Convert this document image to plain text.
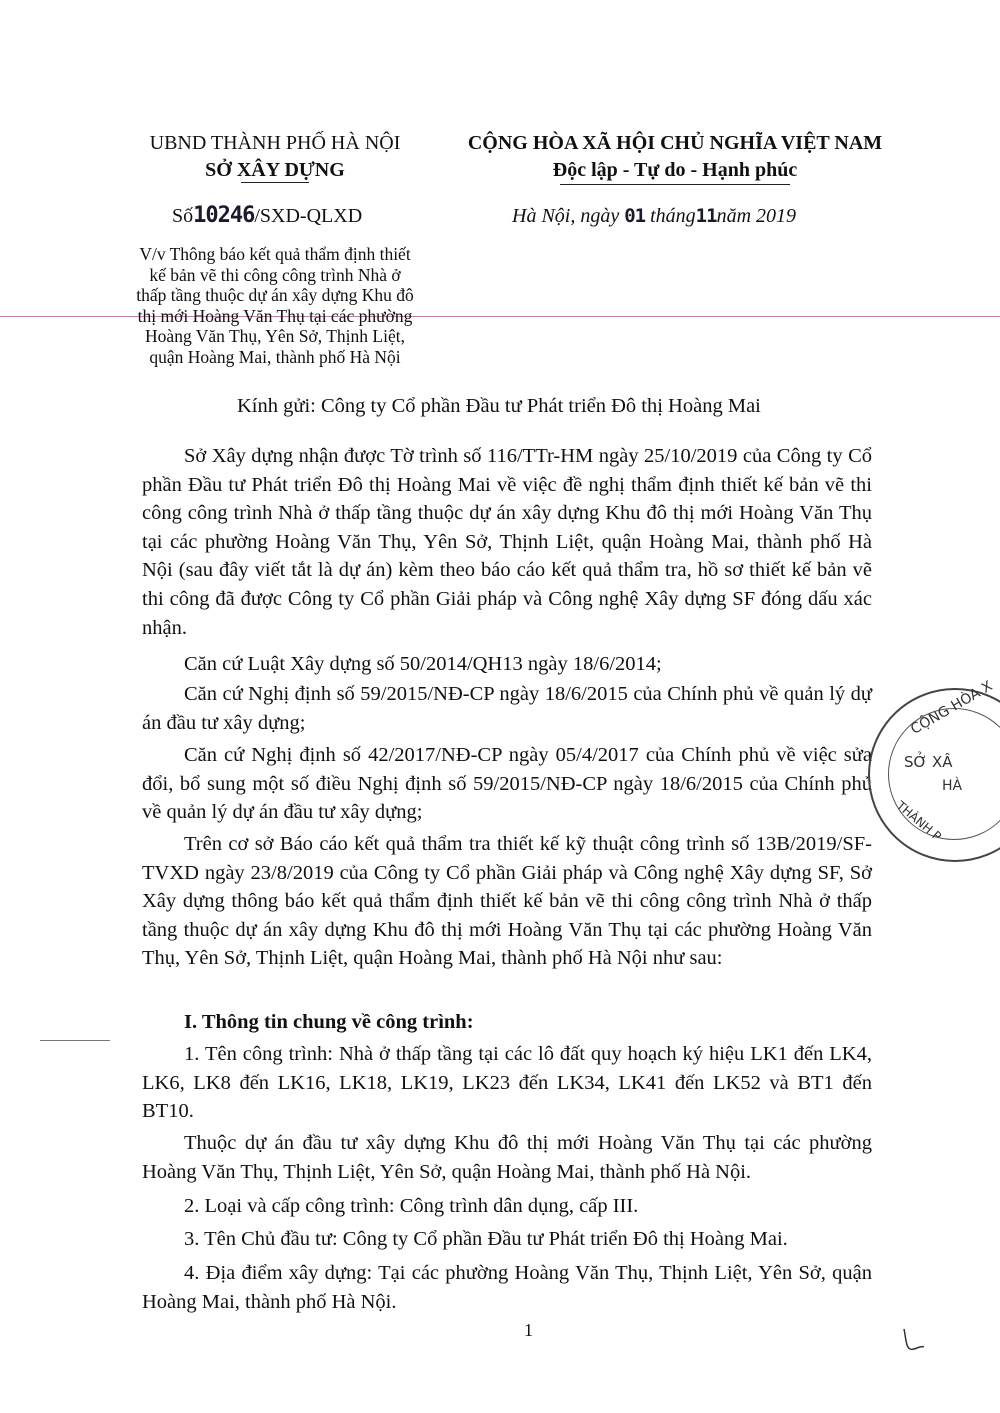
UBND THÀNH PHỐ HÀ NỘI
SỞ XÂY DỰNG
CỘNG HÒA XÃ HỘI CHỦ NGHĨA VIỆT NAM
Độc lập - Tự do - Hạnh phúc
Số10246/SXD-QLXD	Hà Nội, ngày 01 tháng11năm 2019
V/v Thông báo kết quả thẩm định thiết
kế bản vẽ thi công công trình Nhà ở
thấp tầng thuộc dự án xây dựng Khu đô
thị mới Hoàng Văn Thụ tại các phường
Hoàng Văn Thụ, Yên Sở, Thịnh Liệt,
quận Hoàng Mai, thành phố Hà Nội
Kính gửi: Công ty Cổ phần Đầu tư Phát triển Đô thị Hoàng Mai
Sở Xây dựng nhận được Tờ trình số 116/TTr-HM ngày 25/10/2019 của Công ty Cổ phần Đầu tư Phát triển Đô thị Hoàng Mai về việc đề nghị thẩm định thiết kế bản vẽ thi công công trình Nhà ở thấp tầng thuộc dự án xây dựng Khu đô thị mới Hoàng Văn Thụ tại các phường Hoàng Văn Thụ, Yên Sở, Thịnh Liệt, quận Hoàng Mai, thành phố Hà Nội (sau đây viết tắt là dự án) kèm theo báo cáo kết quả thẩm tra, hồ sơ thiết kế bản vẽ thi công đã được Công ty Cổ phần Giải pháp và Công nghệ Xây dựng SF đóng dấu xác nhận.
Căn cứ Luật Xây dựng số 50/2014/QH13 ngày 18/6/2014;
Căn cứ Nghị định số 59/2015/NĐ-CP ngày 18/6/2015 của Chính phủ về quản lý dự án đầu tư xây dựng;
Căn cứ Nghị định số 42/2017/NĐ-CP ngày 05/4/2017 của Chính phủ về việc sửa đổi, bổ sung một số điều Nghị định số 59/2015/NĐ-CP ngày 18/6/2015 của Chính phủ về quản lý dự án đầu tư xây dựng;
Trên cơ sở Báo cáo kết quả thẩm tra thiết kế kỹ thuật công trình số 13B/2019/SF-TVXD ngày 23/8/2019 của Công ty Cổ phần Giải pháp và Công nghệ Xây dựng SF, Sở Xây dựng thông báo kết quả thẩm định thiết kế bản vẽ thi công công trình Nhà ở thấp tầng thuộc dự án xây dựng Khu đô thị mới Hoàng Văn Thụ tại các phường Hoàng Văn Thụ, Yên Sở, Thịnh Liệt, quận Hoàng Mai, thành phố Hà Nội như sau:
I. Thông tin chung về công trình:
1. Tên công trình: Nhà ở thấp tầng tại các lô đất quy hoạch ký hiệu LK1 đến LK4, LK6, LK8 đến LK16, LK18, LK19, LK23 đến LK34, LK41 đến LK52 và BT1 đến BT10.
Thuộc dự án đầu tư xây dựng Khu đô thị mới Hoàng Văn Thụ tại các phường Hoàng Văn Thụ, Thịnh Liệt, Yên Sở, quận Hoàng Mai, thành phố Hà Nội.
2. Loại và cấp công trình: Công trình dân dụng, cấp III.
3. Tên Chủ đầu tư: Công ty Cổ phần Đầu tư Phát triển Đô thị Hoàng Mai.
4. Địa điểm xây dựng: Tại các phường Hoàng Văn Thụ, Thịnh Liệt, Yên Sở, quận Hoàng Mai, thành phố Hà Nội.
1
CỘNG HÒA X
SỞ XÂ
HÀ
THÀNH P
